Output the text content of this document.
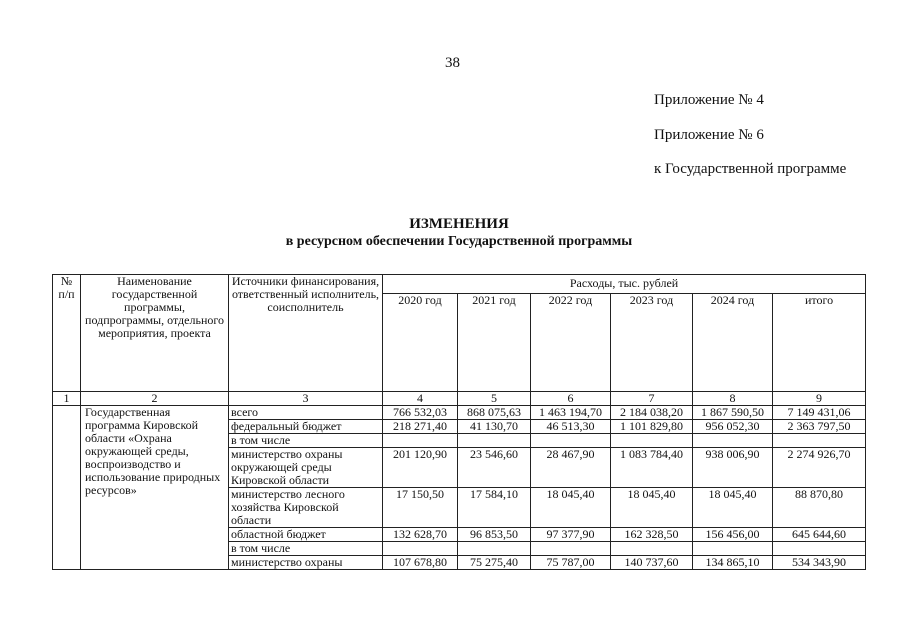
38
Приложение № 4
Приложение № 6
к Государственной программе
ИЗМЕНЕНИЯ
в ресурсном обеспечении Государственной программы
№ п/п	Наименование государственной программы, подпрограммы, отдельного мероприятия, проекта	Источники финансирования, ответственный исполнитель, соисполнитель	Расходы, тыс. рублей					
			2020 год	2021 год	2022 год	2023 год	2024 год	итого
1	2	3	4	5	6	7	8	9
	Государственная программа Кировской области «Охрана окружающей среды, воспроизводство и использование природных ресурсов»	всего	766 532,03	868 075,63	1 463 194,70	2 184 038,20	1 867 590,50	7 149 431,06
		федеральный бюджет	218 271,40	41 130,70	46 513,30	1 101 829,80	956 052,30	2 363 797,50
		в том числе						
		министерство охраны окружающей среды Кировской области	201 120,90	23 546,60	28 467,90	1 083 784,40	938 006,90	2 274 926,70
		министерство лесного хозяйства Кировской области	17 150,50	17 584,10	18 045,40	18 045,40	18 045,40	88 870,80
		областной бюджет	132 628,70	96 853,50	97 377,90	162 328,50	156 456,00	645 644,60
		в том числе						
		министерство охраны	107 678,80	75 275,40	75 787,00	140 737,60	134 865,10	534 343,90
